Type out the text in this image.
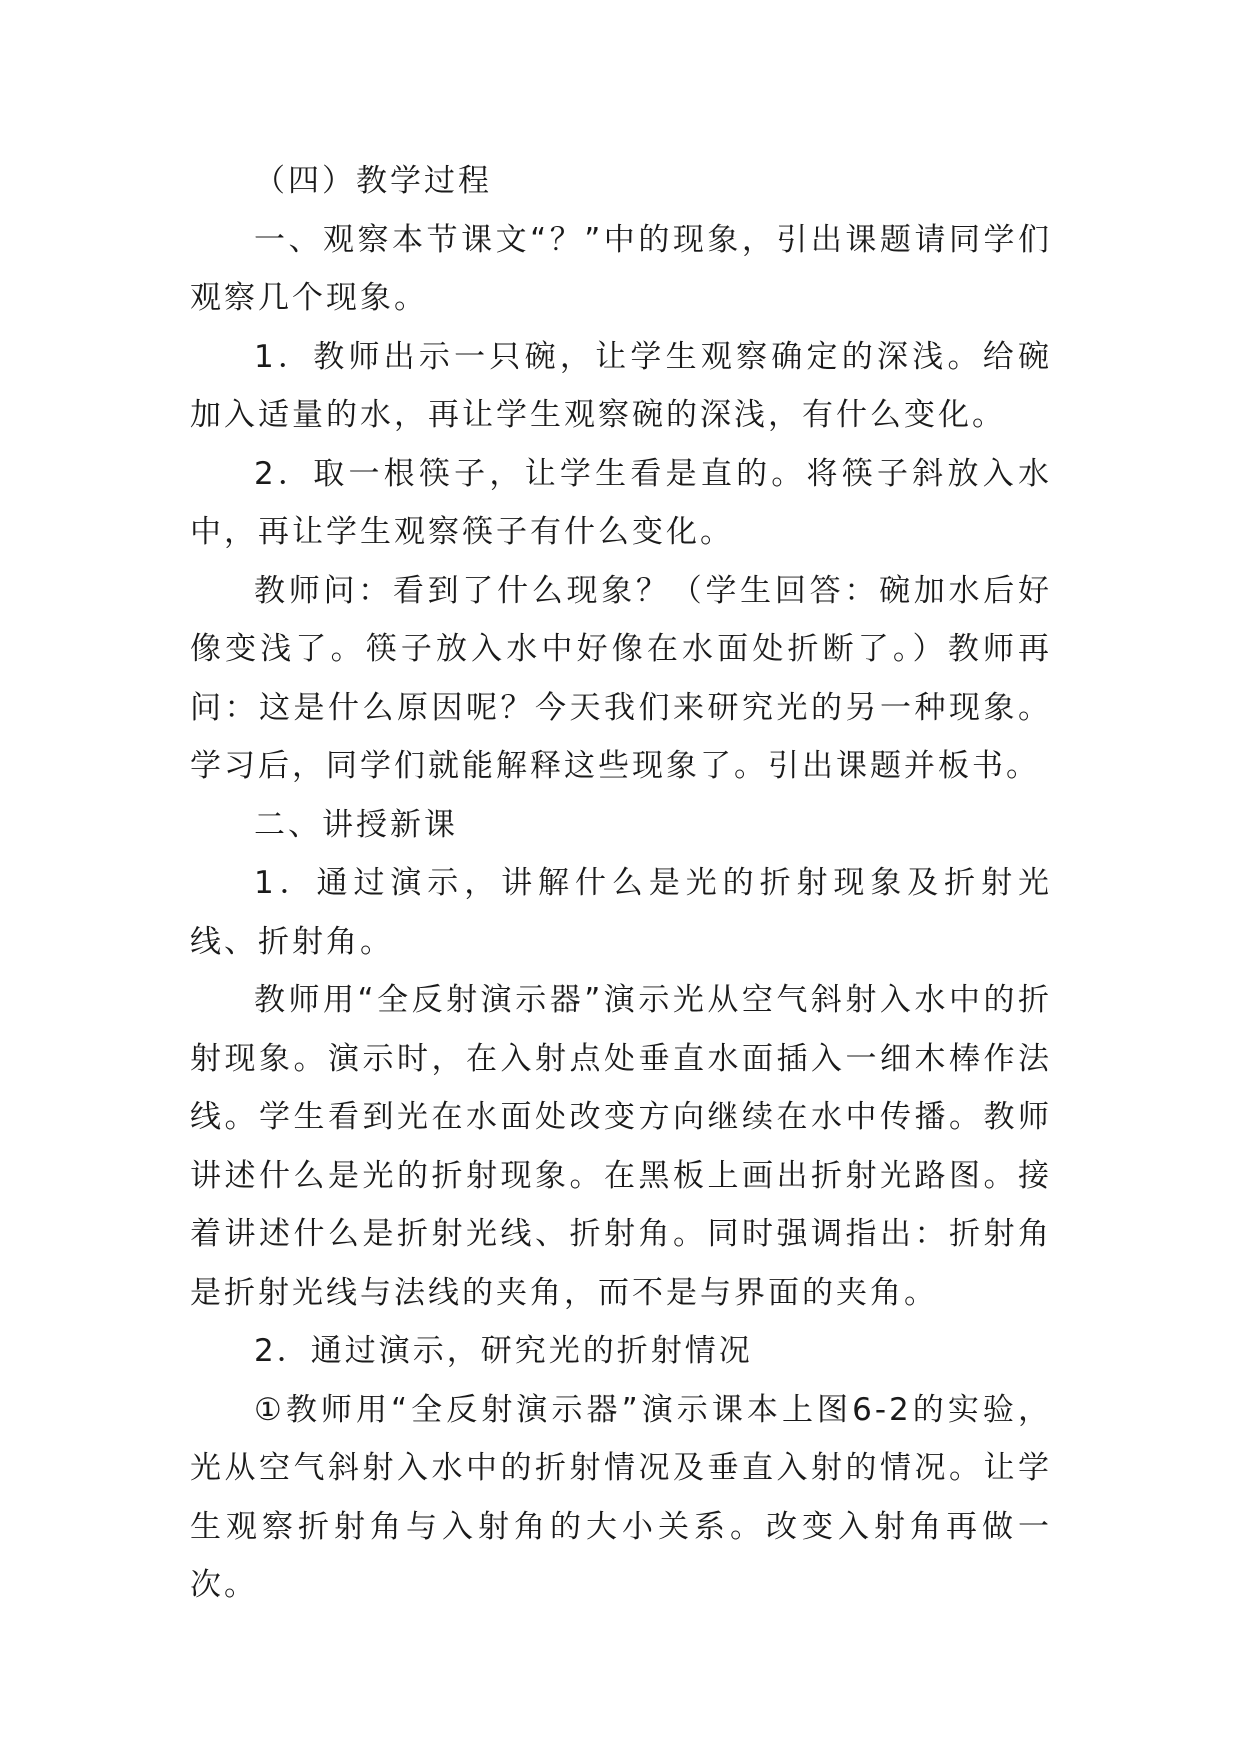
（四）教学过程

一、观察本节课文“？”中的现象，引出课题请同学们观察几个现象。

1．教师出示一只碗，让学生观察确定的深浅。给碗加入适量的水，再让学生观察碗的深浅，有什么变化。

2．取一根筷子，让学生看是直的。将筷子斜放入水中，再让学生观察筷子有什么变化。

教师问：看到了什么现象？（学生回答：碗加水后好像变浅了。筷子放入水中好像在水面处折断了。）教师再问：这是什么原因呢？今天我们来研究光的另一种现象。学习后，同学们就能解释这些现象了。引出课题并板书。

二、讲授新课

1．通过演示，讲解什么是光的折射现象及折射光线、折射角。

教师用“全反射演示器”演示光从空气斜射入水中的折射现象。演示时，在入射点处垂直水面插入一细木棒作法线。学生看到光在水面处改变方向继续在水中传播。教师讲述什么是光的折射现象。在黑板上画出折射光路图。接着讲述什么是折射光线、折射角。同时强调指出：折射角是折射光线与法线的夹角，而不是与界面的夹角。

2．通过演示，研究光的折射情况

①教师用“全反射演示器”演示课本上图6-2的实验，光从空气斜射入水中的折射情况及垂直入射的情况。让学生观察折射角与入射角的大小关系。改变入射角再做一次。
